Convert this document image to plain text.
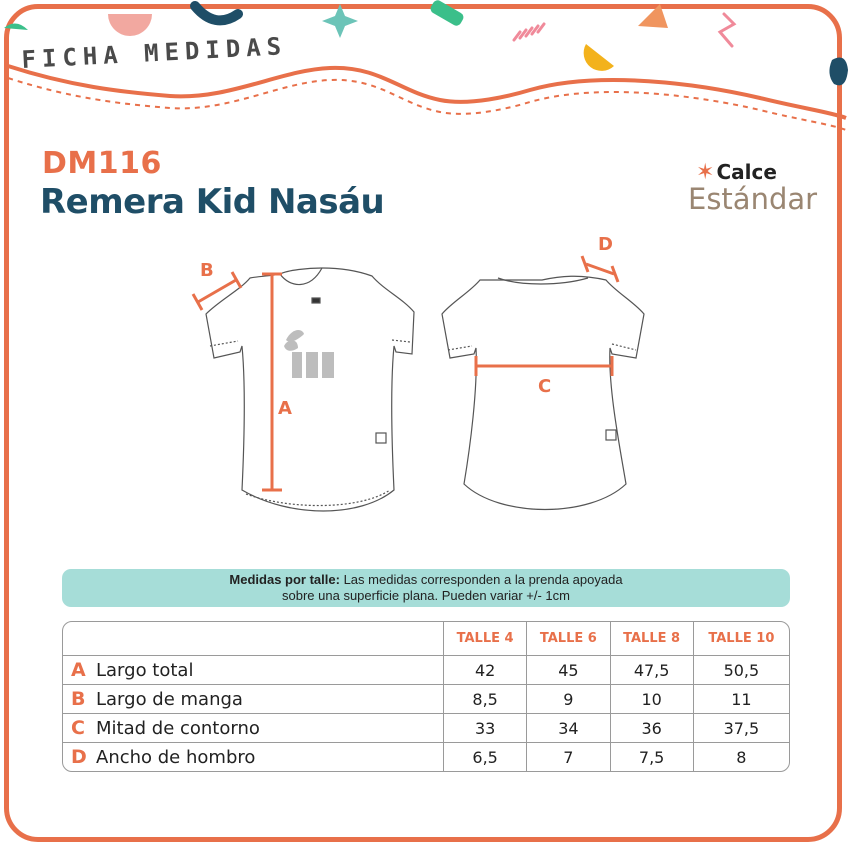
FICHA MEDIDAS
DM116
Remera Kid Nasáu
✶ Calce
Estándar
A
B
C
D
Medidas por talle: Las medidas corresponden a la prenda apoyada
sobre una superficie plana. Pueden variar +/- 1cm
	TALLE 4	TALLE 6	TALLE 8	TALLE 10
A Largo total	42	45	47,5	50,5
B Largo de manga	8,5	9	10	11
C Mitad de contorno	33	34	36	37,5
D Ancho de hombro	6,5	7	7,5	8
